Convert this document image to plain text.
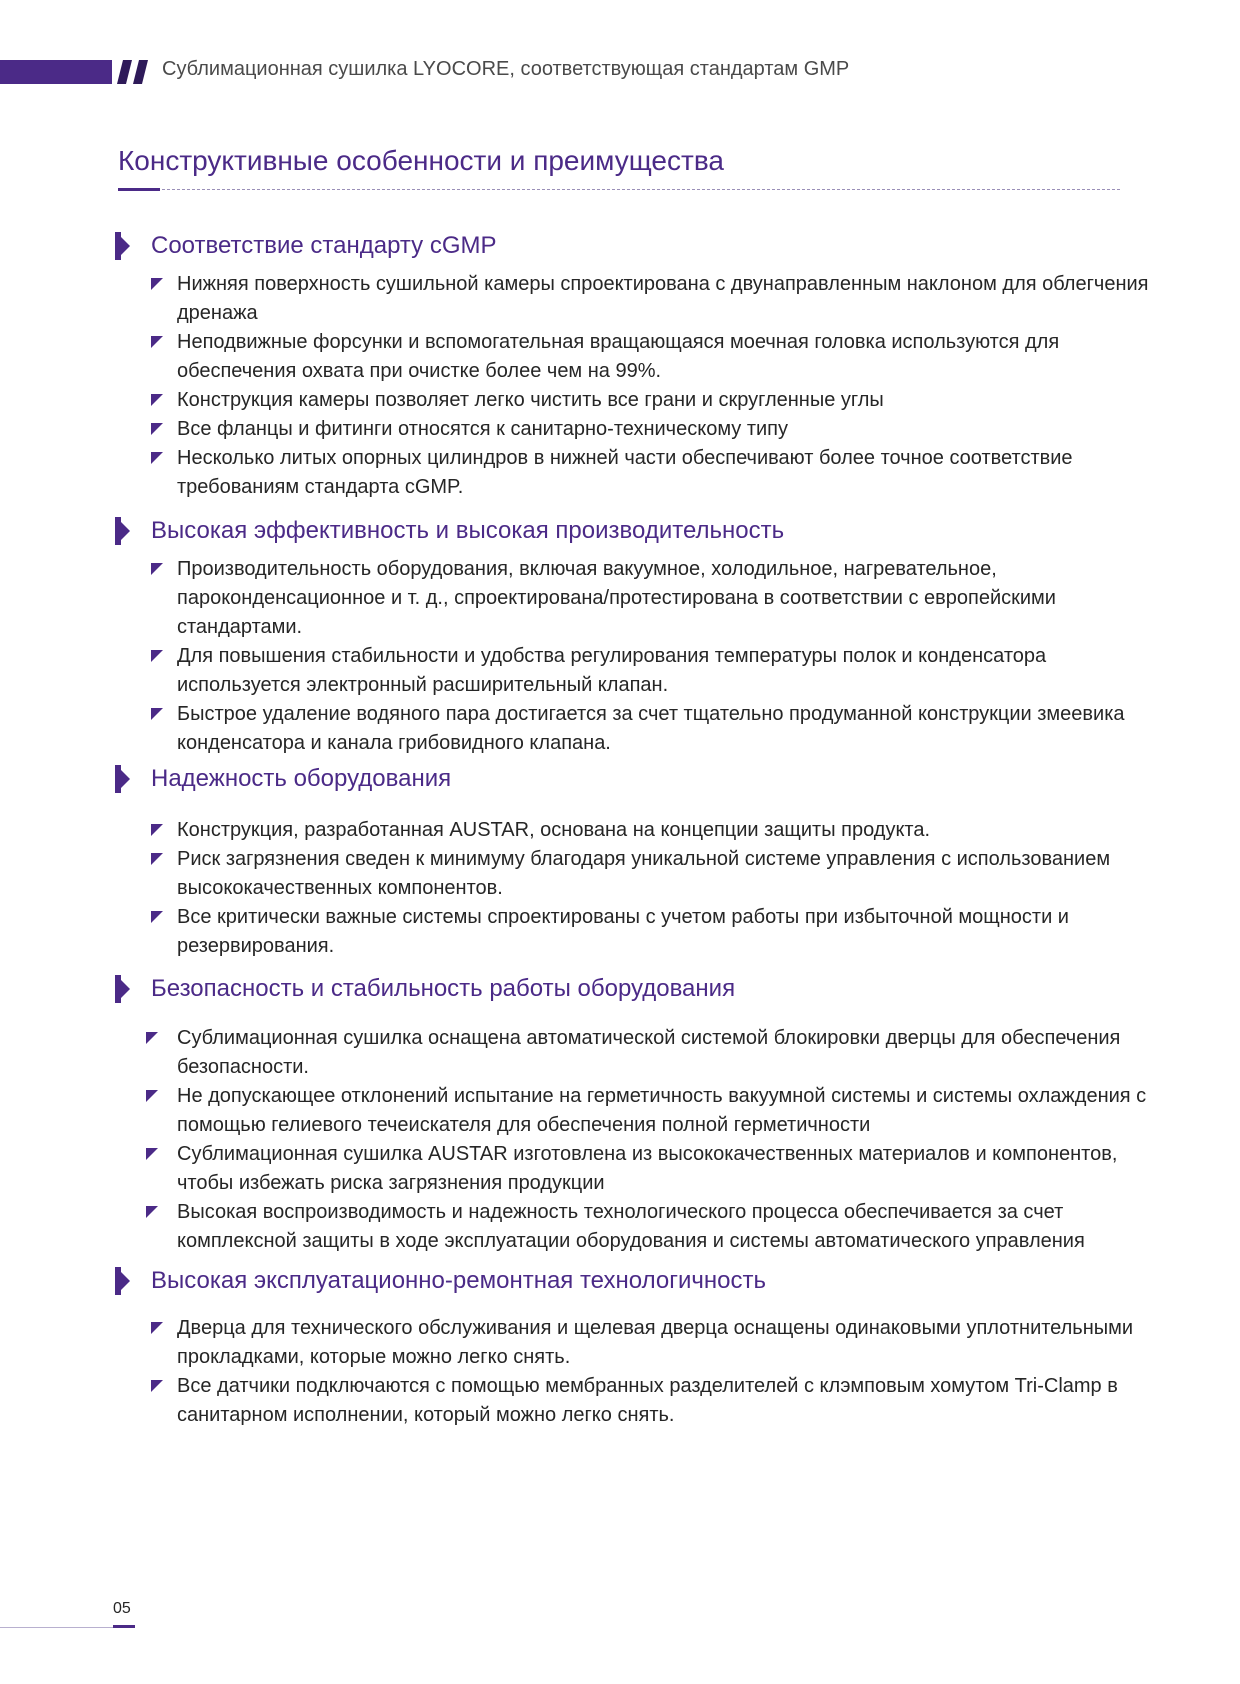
Сублимационная сушилка LYOCORE, соответствующая стандартам GMP
Конструктивные особенности и преимущества
Соответствие стандарту cGMP
Нижняя поверхность сушильной камеры спроектирована с двунаправленным наклоном для облегчения дренажа
Неподвижные форсунки и вспомогательная вращающаяся моечная головка используются для обеспечения охвата при очистке более чем на 99%.
Конструкция камеры позволяет легко чистить все грани и скругленные углы
Все фланцы и фитинги относятся к санитарно-техническому типу
Несколько литых опорных цилиндров в нижней части обеспечивают более точное соответствие требованиям стандарта cGMP.
Высокая эффективность и высокая производительность
Производительность оборудования, включая вакуумное, холодильное, нагревательное, пароконденсационное и т. д., спроектирована/протестирована в соответствии с европейскими стандартами.
Для повышения стабильности и удобства регулирования температуры полок и конденсатора используется электронный расширительный клапан.
Быстрое удаление водяного пара достигается за счет тщательно продуманной конструкции змеевика конденсатора и канала грибовидного клапана.
Надежность оборудования
Конструкция, разработанная AUSTAR, основана на концепции защиты продукта.
Риск загрязнения сведен к минимуму благодаря уникальной системе управления с использованием высококачественных компонентов.
Все критически важные системы спроектированы с учетом работы при избыточной мощности и резервирования.
Безопасность и стабильность работы оборудования
Сублимационная сушилка оснащена автоматической системой блокировки дверцы для обеспечения безопасности.
Не допускающее отклонений испытание на герметичность вакуумной системы и системы охлаждения с помощью гелиевого течеискателя для обеспечения полной герметичности
Сублимационная сушилка AUSTAR изготовлена из высококачественных материалов и компонентов, чтобы избежать риска загрязнения продукции
Высокая воспроизводимость и надежность технологического процесса обеспечивается за счет комплексной защиты в ходе эксплуатации оборудования и системы автоматического управления
Высокая эксплуатационно-ремонтная технологичность
Дверца для технического обслуживания и щелевая дверца оснащены одинаковыми уплотнительными прокладками, которые можно легко снять.
Все датчики подключаются с помощью мембранных разделителей с клэмповым хомутом Tri-Clamp в санитарном исполнении, который можно легко снять.
05
